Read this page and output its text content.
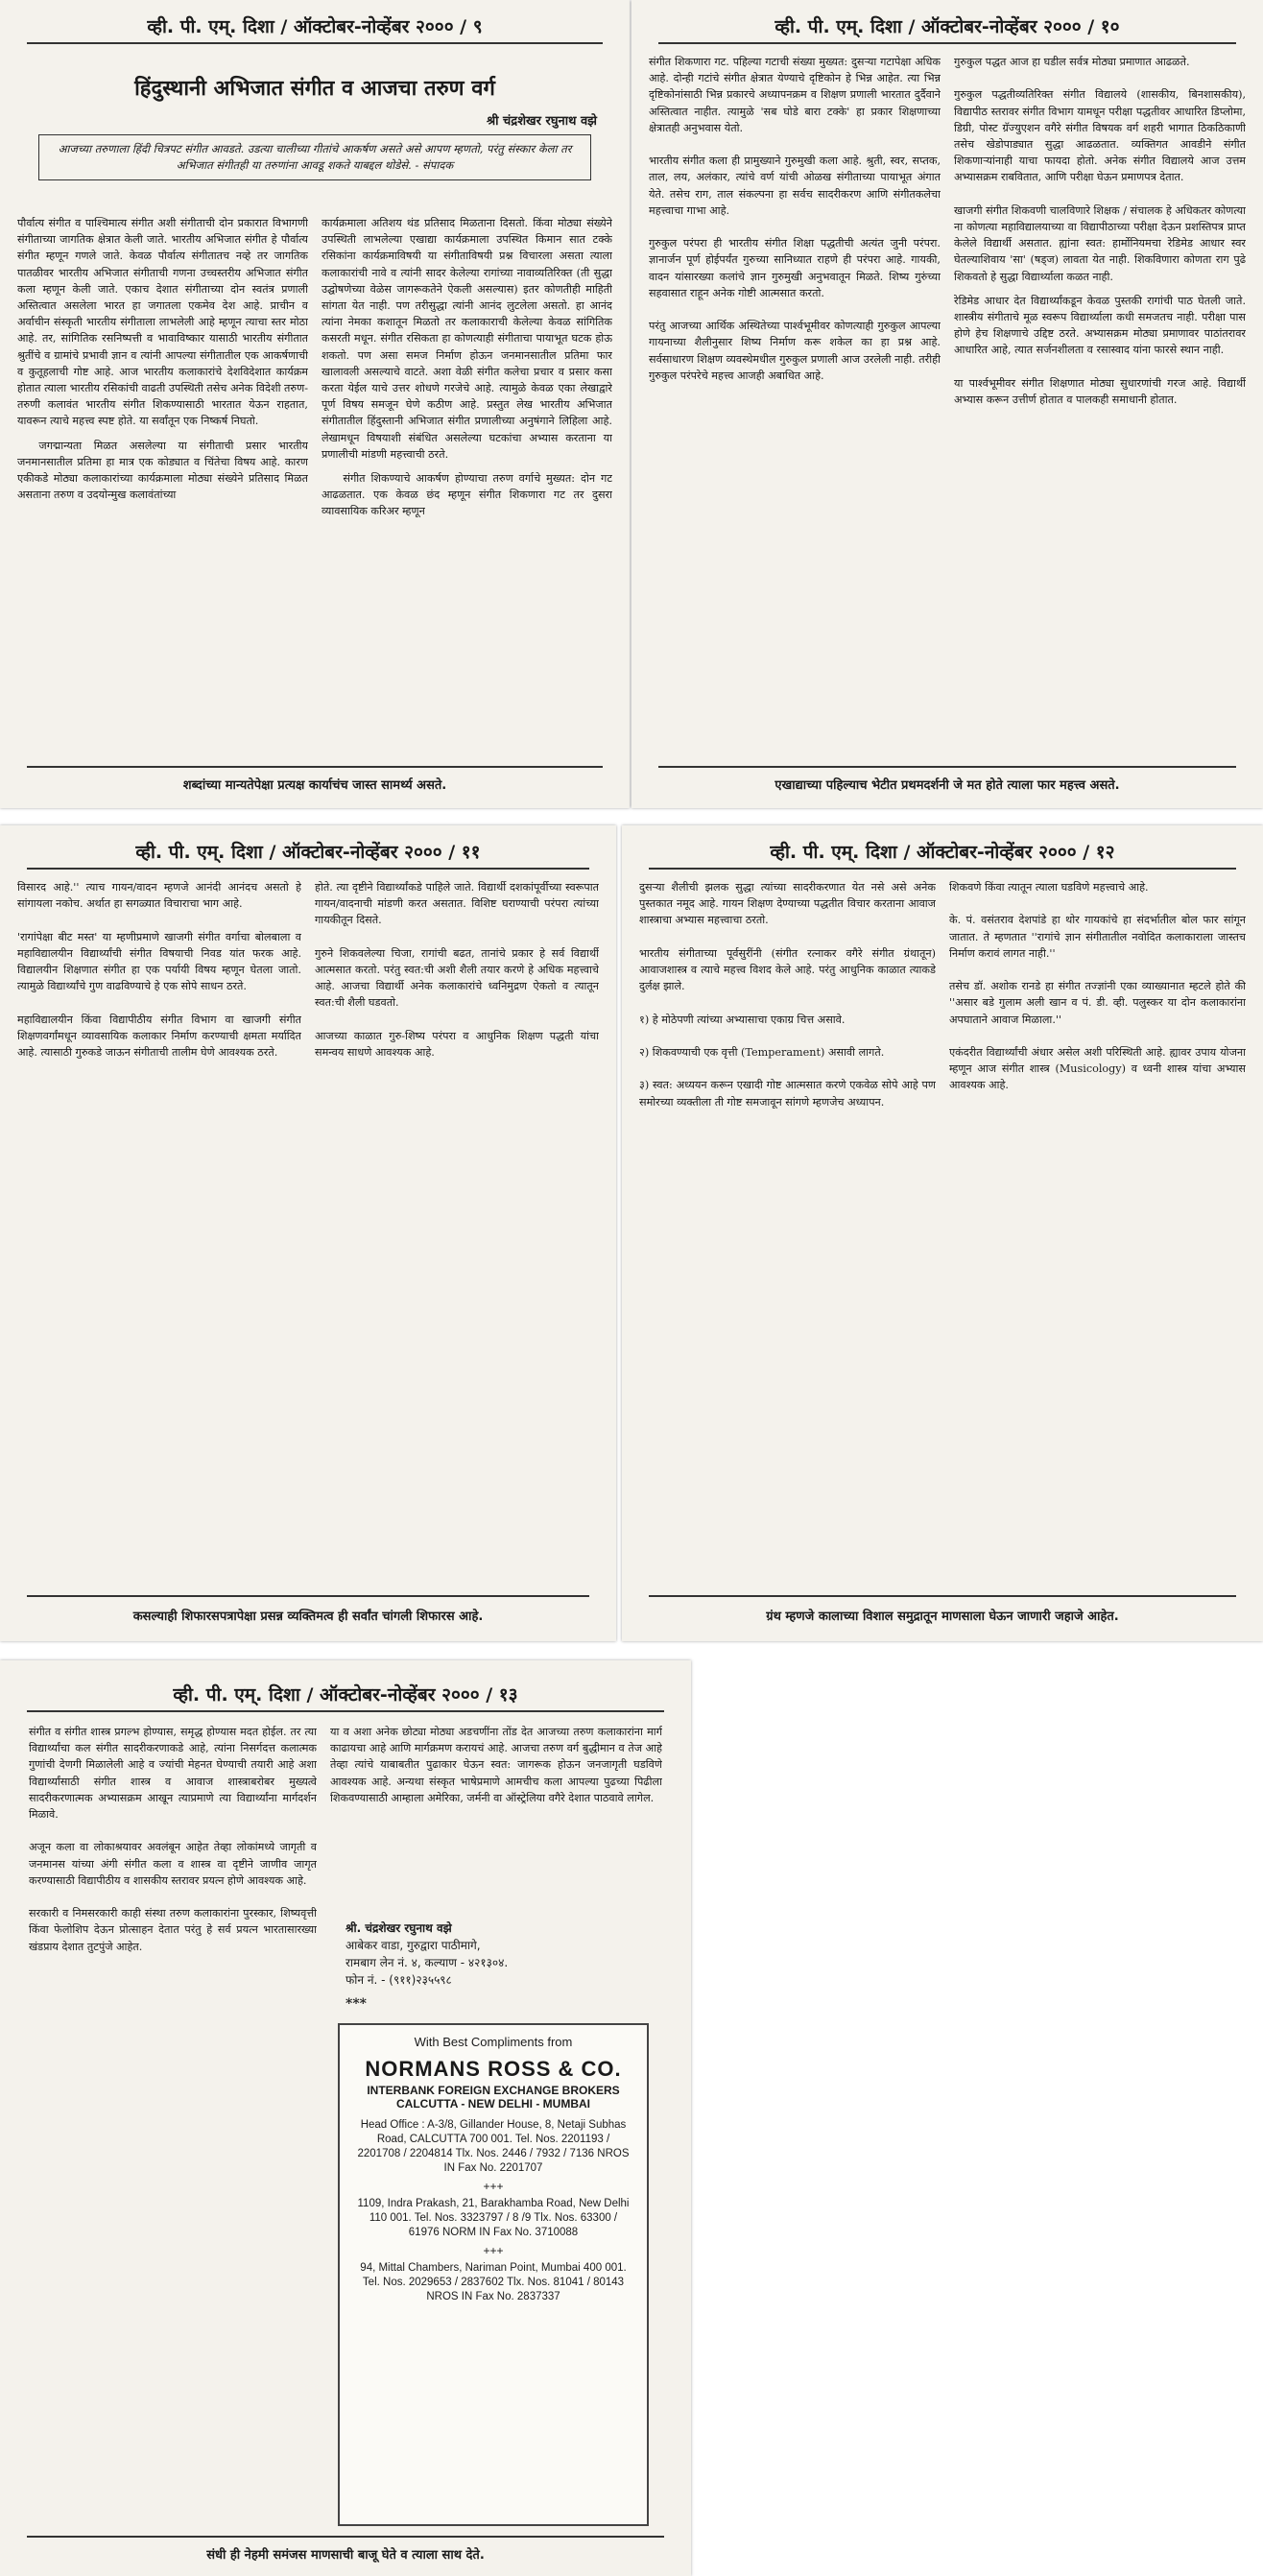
व्ही. पी. एम्. दिशा / ऑक्टोबर-नोव्हेंबर २००० / ९
हिंदुस्थानी अभिजात संगीत व आजचा तरुण वर्ग
श्री चंद्रशेखर रघुनाथ वझे
आजच्या तरुणाला हिंदी चित्रपट संगीत आवडते. उडत्या चालीच्या गीतांचे आकर्षण असते असे आपण म्हणतो, परंतु संस्कार केला तर अभिजात संगीतही या तरुणांना आवडू शकते याबद्दल थोडेसे. - संपादक

पौर्वात्य संगीत व पाश्चिमात्य संगीत अशी संगीताची दोन प्रकारात विभागणी संगीताच्या जागतिक क्षेत्रात केली जाते. भारतीय अभिजात संगीत हे पौर्वात्य संगीत म्हणून गणले जाते. केवळ पौर्वात्य संगीतातच नव्हे तर जागतिक पातळीवर भारतीय अभिजात संगीताची गणना उच्चस्तरीय अभिजात संगीत कला म्हणून केली जाते. एकाच देशात संगीताच्या दोन स्वतंत्र प्रणाली अस्तित्वात असलेला भारत हा जगातला एकमेव देश आहे. प्राचीन व अर्वाचीन संस्कृती भारतीय संगीताला लाभलेली आहे म्हणून त्याचा स्तर मोठा आहे. तर, सांगितिक रसनिष्पत्ती व भावाविष्कार यासाठी भारतीय संगीतात श्रुतींचे व ग्रामांचे प्रभावी ज्ञान व त्यांनी आपल्या संगीतातील एक आकर्षणाची व कुतूहलाची गोष्ट आहे. आज भारतीय कलाकारांचे देशविदेशात कार्यक्रम होतात त्याला भारतीय रसिकांची वाढती उपस्थिती तसेच अनेक विदेशी तरुण-तरुणी कलावंत भारतीय संगीत शिकण्यासाठी भारतात येऊन राहतात, यावरून त्याचे महत्त्व स्पष्ट होते. या सर्वांतून एक निष्कर्ष निघतो.

जगद्मान्यता मिळत असलेल्या या संगीताची प्रसार भारतीय जनमानसातील प्रतिमा हा मात्र एक कोड्यात व चिंतेचा विषय आहे. कारण एकीकडे मोठ्या कलाकारांच्या कार्यक्रमाला मोठ्या संख्येने प्रतिसाद मिळत असताना तरुण व उदयोन्मुख कलावंतांच्या

कार्यक्रमाला अतिशय थंड प्रतिसाद मिळताना दिसतो. किंवा मोठ्या संख्येने उपस्थिती लाभलेल्या एखाद्या कार्यक्रमाला उपस्थित किमान सात टक्के रसिकांना कार्यक्रमाविषयी या संगीताविषयी प्रश्न विचारला असता त्याला कलाकारांची नावे व त्यांनी सादर केलेल्या रागांच्या नावाव्यतिरिक्त (ती सुद्धा उद्घोषणेच्या वेळेस जागरूकतेने ऐकली असल्यास) इतर कोणतीही माहिती सांगता येत नाही. पण तरीसुद्धा त्यांनी आनंद लुटलेला असतो. हा आनंद त्यांना नेमका कशातून मिळतो तर कलाकाराची केलेल्या केवळ सांगितिक कसरती मधून. संगीत रसिकता हा कोणत्याही संगीताचा पायाभूत घटक होऊ शकतो. पण असा समज निर्माण होऊन जनमानसातील प्रतिमा फार खालावली असल्याचे वाटते. अशा वेळी संगीत कलेचा प्रचार व प्रसार कसा करता येईल याचे उत्तर शोधणे गरजेचे आहे. त्यामुळे केवळ एका लेखाद्वारे पूर्ण विषय समजून घेणे कठीण आहे. प्रस्तुत लेख भारतीय अभिजात संगीतातील हिंदुस्तानी अभिजात संगीत प्रणालीच्या अनुषंगाने लिहिला आहे. लेखामधून विषयाशी संबंधित असलेल्या घटकांचा अभ्यास करताना या प्रणालीची मांडणी महत्त्वाची ठरते.

संगीत शिकण्याचे आकर्षण होण्याचा तरुण वर्गाचे मुख्यत: दोन गट आढळतात. एक केवळ छंद म्हणून संगीत शिकणारा गट तर दुसरा व्यावसायिक करिअर म्हणून

शब्दांच्या मान्यतेपेक्षा प्रत्यक्ष कार्याचंच जास्त सामर्थ्य असते.
व्ही. पी. एम्. दिशा / ऑक्टोबर-नोव्हेंबर २००० / १०

संगीत शिकणारा गट. पहिल्या गटाची संख्या मुख्यत: दुसऱ्या गटापेक्षा अधिक आहे. दोन्ही गटांचे संगीत क्षेत्रात येण्याचे दृष्टिकोन हे भिन्न आहेत. त्या भिन्न दृष्टिकोनांसाठी भिन्न प्रकारचे अध्यापनक्रम व शिक्षण प्रणाली भारतात दुर्दैवाने अस्तित्वात नाहीत. त्यामुळे 'सब घोडे बारा टक्के' हा प्रकार शिक्षणाच्या क्षेत्रातही अनुभवास येतो.

भारतीय संगीत कला ही प्रामुख्याने गुरुमुखी कला आहे. श्रुती, स्वर, सप्तक, ताल, लय, अलंकार, त्यांचे वर्ण यांची ओळख संगीताच्या पायाभूत अंगात येते. तसेच राग, ताल संकल्पना हा सर्वच सादरीकरण आणि संगीतकलेचा महत्त्वाचा गाभा आहे.

गुरुकुल परंपरा ही भारतीय संगीत शिक्षा पद्धतीची अत्यंत जुनी परंपरा. ज्ञानार्जन पूर्ण होईपर्यंत गुरुच्या सानिध्यात राहणे ही परंपरा आहे. गायकी, वादन यांसारख्या कलांचे ज्ञान गुरुमुखी अनुभवातून मिळते. शिष्य गुरुंच्या सहवासात राहून अनेक गोष्टी आत्मसात करतो.

परंतु आजच्या आर्थिक अस्थितेच्या पार्श्वभूमीवर कोणत्याही गुरुकुल आपल्या गायनाच्या शैलीनुसार शिष्य निर्माण करू शकेल का हा प्रश्न आहे. सर्वसाधारण शिक्षण व्यवस्थेमधील गुरुकुल प्रणाली आज उरलेली नाही. तरीही गुरुकुल परंपरेचे महत्त्व आजही अबाधित आहे.

गुरुकुल पद्धत आज हा घडील सर्वत्र मोठ्या प्रमाणात आढळते.

गुरुकुल पद्धतीव्यतिरिक्त संगीत विद्यालये (शासकीय, बिनशासकीय), विद्यापीठ स्तरावर संगीत विभाग यामधून परीक्षा पद्धतीवर आधारित डिप्लोमा, डिग्री, पोस्ट ग्रॅज्युएशन वगैरे संगीत विषयक वर्ग शहरी भागात ठिकठिकाणी तसेच खेडोपाड्यात सुद्धा आढळतात. व्यक्तिगत आवडीने संगीत शिकणाऱ्यांनाही याचा फायदा होतो. अनेक संगीत विद्यालये आज उत्तम अभ्यासक्रम राबवितात, आणि परीक्षा घेऊन प्रमाणपत्र देतात.

खाजगी संगीत शिकवणी चालविणारे शिक्षक / संचालक हे अधिकतर कोणत्या ना कोणत्या महाविद्यालयाच्या वा विद्यापीठाच्या परीक्षा देऊन प्रशस्तिपत्र प्राप्त केलेले विद्यार्थी असतात. ह्यांना स्वत: हार्मोनियमचा रेडिमेड आधार स्वर घेतल्याशिवाय 'सा' (षड्ज) लावता येत नाही. शिकविणारा कोणता राग पुढे शिकवतो हे सुद्धा विद्यार्थ्याला कळत नाही.

रेडिमेड आधार देत विद्यार्थ्यांकडून केवळ पुस्तकी रागांची पाठ घेतली जाते. शास्त्रीय संगीताचे मूळ स्वरूप विद्यार्थ्याला कधी समजतच नाही. परीक्षा पास होणे हेच शिक्षणाचे उद्दिष्ट ठरते. अभ्यासक्रम मोठ्या प्रमाणावर पाठांतरावर आधारित आहे, त्यात सर्जनशीलता व रसास्वाद यांना फारसे स्थान नाही.

या पार्श्वभूमीवर संगीत शिक्षणात मोठ्या सुधारणांची गरज आहे. विद्यार्थी अभ्यास करून उत्तीर्ण होतात व पालकही समाधानी होतात.

एखाद्याच्या पहिल्याच भेटीत प्रथमदर्शनी जे मत होते त्याला फार महत्त्व असते.
व्ही. पी. एम्. दिशा / ऑक्टोबर-नोव्हेंबर २००० / ११

विसारद आहे.'' त्याच गायन/वादन म्हणजे आनंदी आनंदच असतो हे सांगायला नकोच. अर्थात हा सगळ्यात विचाराचा भाग आहे.

'रागांपेक्षा बीट मस्त' या म्हणीप्रमाणे खाजगी संगीत वर्गाचा बोलबाला व महाविद्यालयीन विद्यार्थ्यांची संगीत विषयाची निवड यांत फरक आहे. विद्यालयीन शिक्षणात संगीत हा एक पर्यायी विषय म्हणून घेतला जातो. त्यामुळे विद्यार्थ्यांचे गुण वाढविण्याचे हे एक सोपे साधन ठरते.

महाविद्यालयीन किंवा विद्यापीठीय संगीत विभाग वा खाजगी संगीत शिक्षणवर्गांमधून व्यावसायिक कलाकार निर्माण करण्याची क्षमता मर्यादित आहे. त्यासाठी गुरुकडे जाऊन संगीताची तालीम घेणे आवश्यक ठरते.

होते. त्या दृष्टीने विद्यार्थ्यांकडे पाहिले जाते. विद्यार्थी दशकांपूर्वीच्या स्वरूपात गायन/वादनाची मांडणी करत असतात. विशिष्ट घराण्याची परंपरा त्यांच्या गायकीतून दिसते.

गुरुने शिकवलेल्या चिजा, रागांची बढत, तानांचे प्रकार हे सर्व विद्यार्थी आत्मसात करतो. परंतु स्वत:ची अशी शैली तयार करणे हे अधिक महत्त्वाचे आहे. आजचा विद्यार्थी अनेक कलाकारांचे ध्वनिमुद्रण ऐकतो व त्यातून स्वत:ची शैली घडवतो.

आजच्या काळात गुरु-शिष्य परंपरा व आधुनिक शिक्षण पद्धती यांचा समन्वय साधणे आवश्यक आहे.

कसल्याही शिफारसपत्रापेक्षा प्रसन्न व्यक्तिमत्व ही सर्वांत चांगली शिफारस आहे.
व्ही. पी. एम्. दिशा / ऑक्टोबर-नोव्हेंबर २००० / १२

दुसऱ्या शैलीची झलक सुद्धा त्यांच्या सादरीकरणात येत नसे असे अनेक पुस्तकात नमूद आहे. गायन शिक्षण देण्याच्या पद्धतीत विचार करताना आवाज शास्त्राचा अभ्यास महत्त्वाचा ठरतो.

भारतीय संगीताच्या पूर्वसुरींनी (संगीत रत्नाकर वगैरे संगीत ग्रंथातून) आवाजशास्त्र व त्याचे महत्त्व विशद केले आहे. परंतु आधुनिक काळात त्याकडे दुर्लक्ष झाले.

१) हे मोठेपणी त्यांच्या अभ्यासाचा एकाग्र चित्त असावे.

२) शिकवण्याची एक वृत्ती (Temperament) असावी लागते.

३) स्वत: अध्ययन करून एखादी गोष्ट आत्मसात करणे एकवेळ सोपे आहे पण समोरच्या व्यक्तीला ती गोष्ट समजावून सांगणे म्हणजेच अध्यापन.

शिकवणे किंवा त्यातून त्याला घडविणे महत्त्वाचे आहे.

के. पं. वसंतराव देशपांडे हा थोर गायकांचे हा संदर्भातील बोल फार सांगून जातात. ते म्हणतात ''रागांचे ज्ञान संगीतातील नवोदित कलाकाराला जास्तच निर्माण करावं लागत नाही.''

तसेच डॉ. अशोक रानडे हा संगीत तज्ज्ञांनी एका व्याख्यानात म्हटले होते की ''असार बडे गुलाम अली खान व पं. डी. व्ही. पलुस्कर या दोन कलाकारांना अपघाताने आवाज मिळाला.''

एकंदरीत विद्यार्थ्यांची अंधार असेल अशी परिस्थिती आहे. ह्यावर उपाय योजना म्हणून आज संगीत शास्त्र (Musicology) व ध्वनी शास्त्र यांचा अभ्यास आवश्यक आहे.

ग्रंथ म्हणजे कालाच्या विशाल समुद्रातून माणसाला घेऊन जाणारी जहाजे आहेत.
व्ही. पी. एम्. दिशा / ऑक्टोबर-नोव्हेंबर २००० / १३

संगीत व संगीत शास्त्र प्रगल्भ होण्यास, समृद्ध होण्यास मदत होईल. तर त्या विद्यार्थ्यांचा कल संगीत सादरीकरणाकडे आहे, त्यांना निसर्गदत्त कलात्मक गुणांची देणगी मिळालेली आहे व ज्यांची मेहनत घेण्याची तयारी आहे अशा विद्यार्थ्यांसाठी संगीत शास्त्र व आवाज शास्त्राबरोबर मुख्यत्वे सादरीकरणात्मक अभ्यासक्रम आखून त्याप्रमाणे त्या विद्यार्थ्यांना मार्गदर्शन मिळावे.

अजून कला वा लोकाश्रयावर अवलंबून आहेत तेव्हा लोकांमध्ये जागृती व जनमानस यांच्या अंगी संगीत कला व शास्त्र वा दृष्टीने जाणीव जागृत करण्यासाठी विद्यापीठीय व शासकीय स्तरावर प्रयत्न होणे आवश्यक आहे.

सरकारी व निमसरकारी काही संस्था तरुण कलाकारांना पुरस्कार, शिष्यवृत्ती किंवा फेलोशिप देऊन प्रोत्साहन देतात परंतु हे सर्व प्रयत्न भारतासारख्या खंडप्राय देशात तुटपुंजे आहेत.

या व अशा अनेक छोट्या मोठ्या अडचणींना तोंड देत आजच्या तरुण कलाकारांना मार्ग काढायचा आहे आणि मार्गक्रमण करायचं आहे. आजचा तरुण वर्ग बुद्धीमान व तेज आहे तेव्हा त्यांचे याबाबतीत पुढाकार घेऊन स्वत: जागरूक होऊन जनजागृती घडविणे आवश्यक आहे. अन्यथा संस्कृत भाषेप्रमाणे आमचीच कला आपल्या पुढच्या पिढीला शिकवण्यासाठी आम्हाला अमेरिका, जर्मनी वा ऑस्ट्रेलिया वगैरे देशात पाठवावे लागेल.

श्री. चंद्रशेखर रघुनाथ वझे
आबेकर वाडा, गुरुद्वारा पाठीमागे,
रामबाग लेन नं. ४, कल्याण - ४२१३०४.
फोन नं. - (९११)२३५५९८
***
With Best Compliments from
NORMANS ROSS & CO.
INTERBANK FOREIGN EXCHANGE BROKERS
CALCUTTA - NEW DELHI - MUMBAI
Head Office : A-3/8, Gillander House, 8, Netaji Subhas Road, CALCUTTA 700 001. Tel. Nos. 2201193 / 2201708 / 2204814 Tlx. Nos. 2446 / 7932 / 7136 NROS IN Fax No. 2201707
+++
1109, Indra Prakash, 21, Barakhamba Road, New Delhi 110 001. Tel. Nos. 3323797 / 8 /9 Tlx. Nos. 63300 / 61976 NORM IN Fax No. 3710088
+++
94, Mittal Chambers, Nariman Point, Mumbai 400 001. Tel. Nos. 2029653 / 2837602 Tlx. Nos. 81041 / 80143 NROS IN Fax No. 2837337
संधी ही नेहमी समंजस माणसाची बाजू घेते व त्याला साथ देते.
